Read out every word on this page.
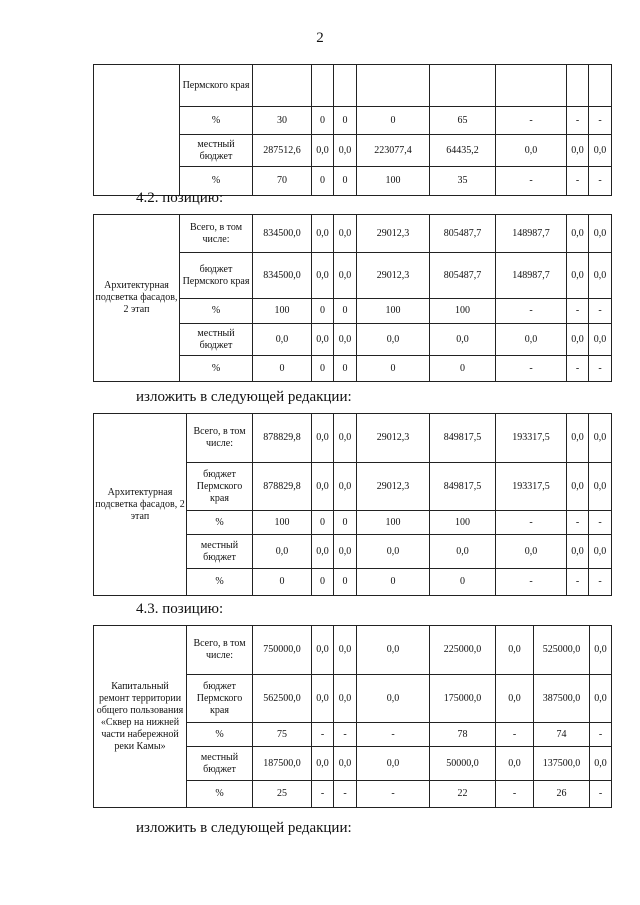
2
	Пермского края								
	%	30	0	0	0	65	-	-	-
	местный бюджет	287512,6	0,0	0,0	223077,4	64435,2	0,0	0,0	0,0
	%	70	0	0	100	35	-	-	-
4.2. позицию:
Архитектурная подсветка фасадов, 2 этап	Всего, в том числе:	834500,0	0,0	0,0	29012,3	805487,7	148987,7	0,0	0,0
	бюджет Пермского края	834500,0	0,0	0,0	29012,3	805487,7	148987,7	0,0	0,0
	%	100	0	0	100	100	-	-	-
	местный бюджет	0,0	0,0	0,0	0,0	0,0	0,0	0,0	0,0
	%	0	0	0	0	0	-	-	-
изложить в следующей редакции:
Архитектурная подсветка фасадов, 2 этап	Всего, в том числе:	878829,8	0,0	0,0	29012,3	849817,5	193317,5	0,0	0,0
	бюджет Пермского края	878829,8	0,0	0,0	29012,3	849817,5	193317,5	0,0	0,0
	%	100	0	0	100	100	-	-	-
	местный бюджет	0,0	0,0	0,0	0,0	0,0	0,0	0,0	0,0
	%	0	0	0	0	0	-	-	-
4.3. позицию:
Капитальный ремонт территории общего пользования «Сквер на нижней части набережной реки Камы»	Всего, в том числе:	750000,0	0,0	0,0	0,0	225000,0	0,0	525000,0	0,0
	бюджет Пермского края	562500,0	0,0	0,0	0,0	175000,0	0,0	387500,0	0,0
	%	75	-	-	-	78	-	74	-
	местный бюджет	187500,0	0,0	0,0	0,0	50000,0	0,0	137500,0	0,0
	%	25	-	-	-	22	-	26	-
изложить в следующей редакции:
